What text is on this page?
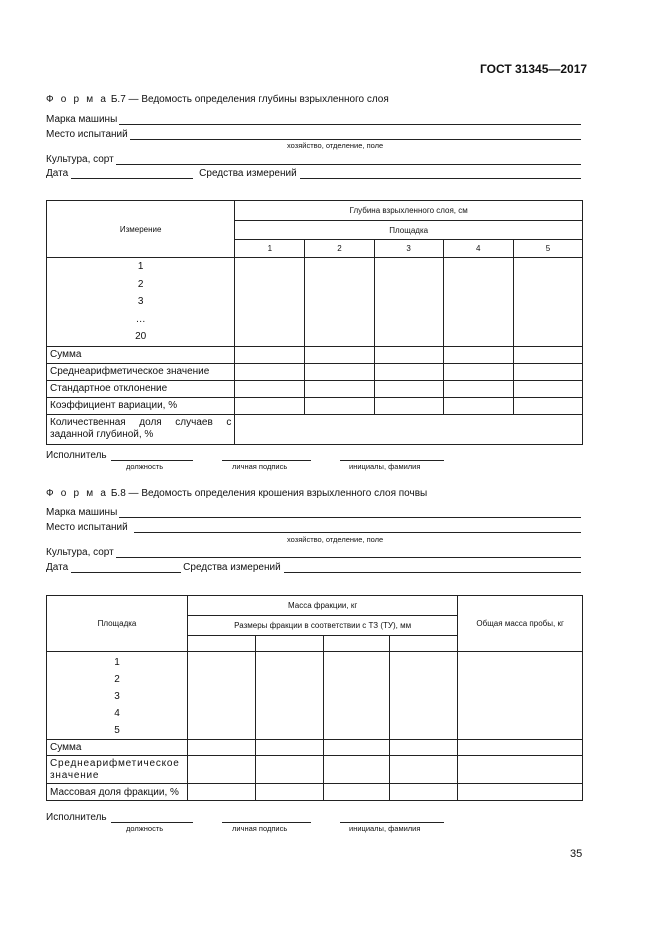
ГОСТ 31345—2017
Ф о р м а Б.7 — Ведомость определения глубины взрыхленного слоя
Марка машины
Место испытаний
хозяйство, отделение, поле
Культура, сорт
Дата	Средства измерений
Измерение	Глубина взрыхленного слоя, см				
	Площадка				
	1	2	3	4	5

1
2
3
…
20					

Сумма					
Среднеарифметическое значение					
Стандартное отклонение					
Коэффициент вариации, %					
Количественная доля случаев с заданной глубиной, %					
Исполнитель
должность	личная подпись	инициалы, фамилия
Ф о р м а Б.8 — Ведомость определения крошения взрыхленного слоя почвы
Марка машины
Место испытаний
хозяйство, отделение, поле
Культура, сорт
Дата	Средства измерений
Площадка	Масса фракции, кг				Общая масса пробы, кг
	Размеры фракции в соответствии с ТЗ (ТУ), мм				

1
2
3
4
5					

Сумма					
Среднеарифметическое значение					
Массовая доля фракции, %					
Исполнитель
должность	личная подпись	инициалы, фамилия
35
